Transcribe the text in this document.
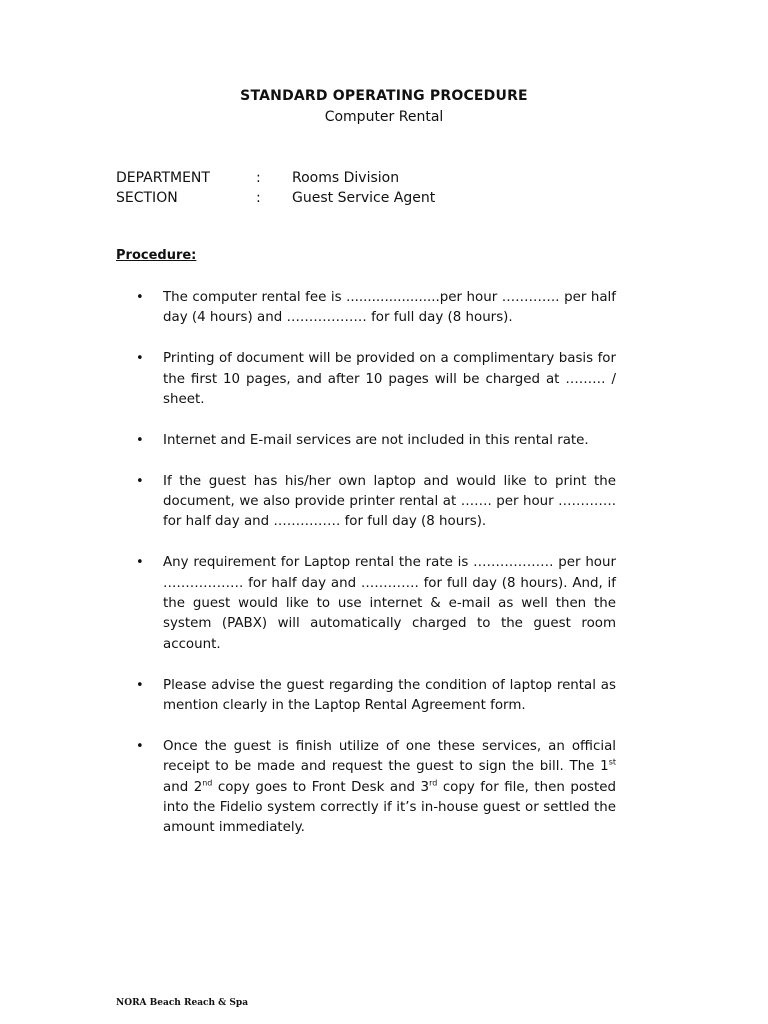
STANDARD OPERATING PROCEDURE
Computer Rental
DEPARTMENT	: Rooms Division
SECTION	: Guest Service Agent
Procedure:
• The computer rental fee is ......................per hour …………. per half day (4 hours) and ……………… for full day (8 hours).
• Printing of document will be provided on a complimentary basis for the first 10 pages, and after 10 pages will be charged at ……… / sheet.
• Internet and E-mail services are not included in this rental rate.
• If the guest has his/her own laptop and would like to print the document, we also provide printer rental at ……. per hour …………. for half day and …………… for full day (8 hours).
• Any requirement for Laptop rental the rate is ……………… per hour ……………… for half day and …………. for full day (8 hours). And, if the guest would like to use internet & e-mail as well then the system (PABX) will automatically charged to the guest room account.
• Please advise the guest regarding the condition of laptop rental as mention clearly in the Laptop Rental Agreement form.
• Once the guest is finish utilize of one these services, an official receipt to be made and request the guest to sign the bill. The 1st and 2nd copy goes to Front Desk and 3rd copy for file, then posted into the Fidelio system correctly if it’s in-house guest or settled the amount immediately.
NORA Beach Reach & Spa
